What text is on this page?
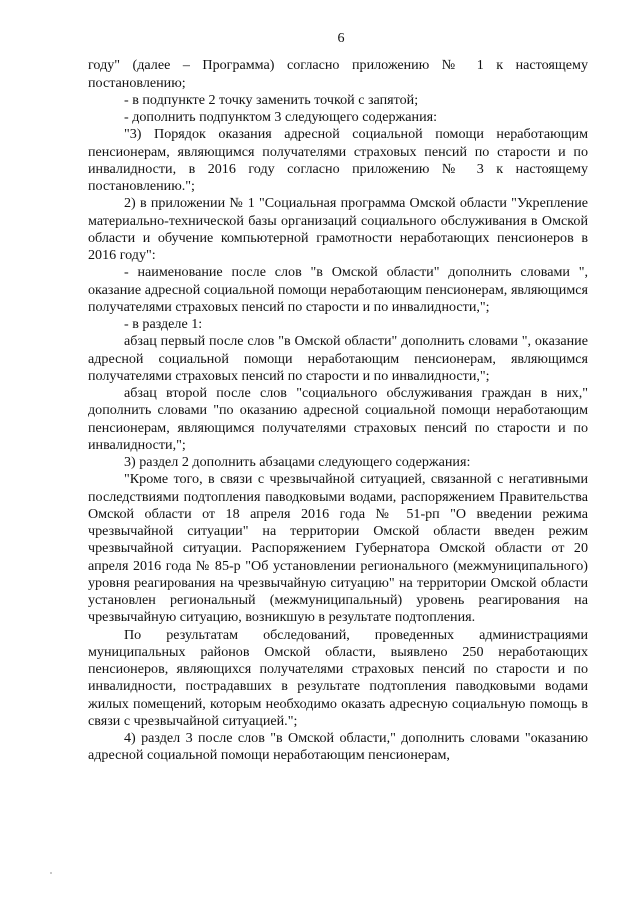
6

году" (далее – Программа) согласно приложению № 1 к настоящему постановлению;

- в подпункте 2 точку заменить точкой с запятой;

- дополнить подпунктом 3 следующего содержания:

"3) Порядок оказания адресной социальной помощи неработающим пенсионерам, являющимся получателями страховых пенсий по старости и по инвалидности, в 2016 году согласно приложению № 3 к настоящему постановлению.";

2) в приложении № 1 "Социальная программа Омской области "Укрепление материально-технической базы организаций социального обслуживания в Омской области и обучение компьютерной грамотности неработающих пенсионеров в 2016 году":

- наименование после слов "в Омской области" дополнить словами ", оказание адресной социальной помощи неработающим пенсионерам, являющимся получателями страховых пенсий по старости и по инвалидности,";

- в разделе 1:

абзац первый после слов "в Омской области" дополнить словами ", оказание адресной социальной помощи неработающим пенсионерам, являющимся получателями страховых пенсий по старости и по инвалидности,";

абзац второй после слов "социального обслуживания граждан в них," дополнить словами "по оказанию адресной социальной помощи неработающим пенсионерам, являющимся получателями страховых пенсий по старости и по инвалидности,";

3) раздел 2 дополнить абзацами следующего содержания:

"Кроме того, в связи с чрезвычайной ситуацией, связанной с негативными последствиями подтопления паводковыми водами, распоряжением Правительства Омской области от 18 апреля 2016 года № 51-рп "О введении режима чрезвычайной ситуации" на территории Омской области введен режим чрезвычайной ситуации. Распоряжением Губернатора Омской области от 20 апреля 2016 года № 85-р "Об установлении регионального (межмуниципального) уровня реагирования на чрезвычайную ситуацию" на территории Омской области установлен региональный (межмуниципальный) уровень реагирования на чрезвычайную ситуацию, возникшую в результате подтопления.

По результатам обследований, проведенных администрациями муниципальных районов Омской области, выявлено 250 неработающих пенсионеров, являющихся получателями страховых пенсий по старости и по инвалидности, пострадавших в результате подтопления паводковыми водами жилых помещений, которым необходимо оказать адресную социальную помощь в связи с чрезвычайной ситуацией.";

4) раздел 3 после слов "в Омской области," дополнить словами "оказанию адресной социальной помощи неработающим пенсионерам,
